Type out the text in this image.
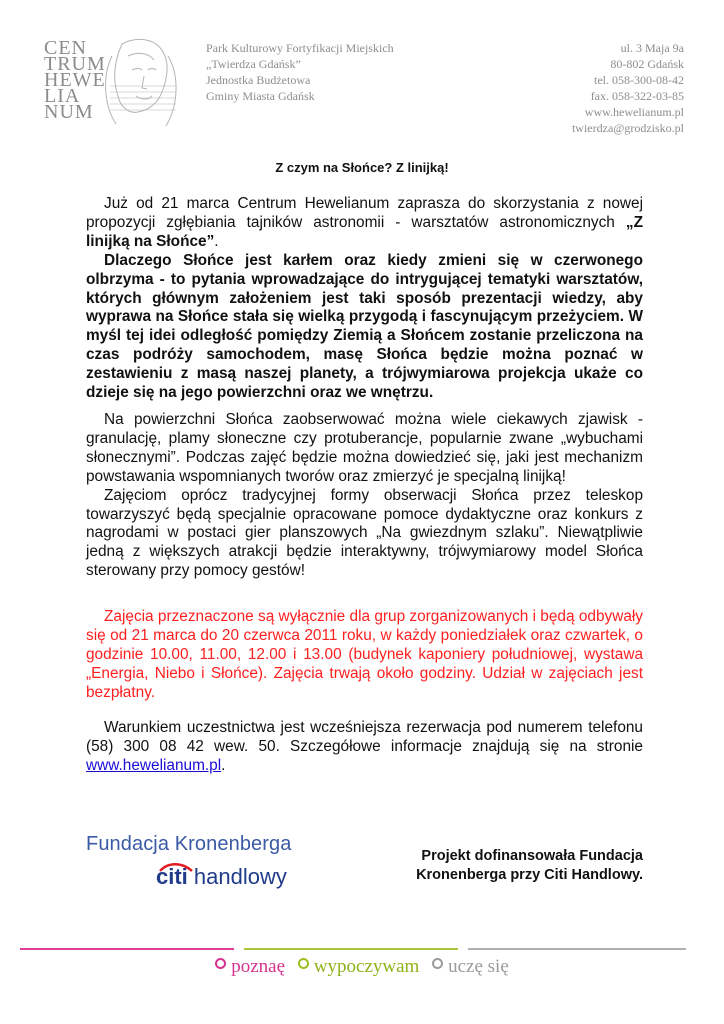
CEN
TRUM
HEWE
LIA
NUM
Park Kulturowy Fortyfikacji Miejskich
„Twierdza Gdańsk”
Jednostka Budżetowa
Gminy Miasta Gdańsk
ul. 3 Maja 9a
80-802 Gdańsk
tel. 058-300-08-42
fax. 058-322-03-85
www.hewelianum.pl
twierdza@grodzisko.pl
Z czym na Słońce? Z linijką!

Już od 21 marca Centrum Hewelianum zaprasza do skorzystania z nowej propozycji zgłębiania tajników astronomii - warsztatów astronomicznych „Z linijką na Słońce”.

Dlaczego Słońce jest karłem oraz kiedy zmieni się w czerwonego olbrzyma - to pytania wprowadzające do intrygującej tematyki warsztatów, których głównym założeniem jest taki sposób prezentacji wiedzy, aby wyprawa na Słońce stała się wielką przygodą i fascynującym przeżyciem. W myśl tej idei odległość pomiędzy Ziemią a Słońcem zostanie przeliczona na czas podróży samochodem, masę Słońca będzie można poznać w zestawieniu z masą naszej planety, a trójwymiarowa projekcja ukaże co dzieje się na jego powierzchni oraz we wnętrzu.

Na powierzchni Słońca zaobserwować można wiele ciekawych zjawisk - granulację, plamy słoneczne czy protuberancje, popularnie zwane „wybuchami słonecznymi”. Podczas zajęć będzie można dowiedzieć się, jaki jest mechanizm powstawania wspomnianych tworów oraz zmierzyć je specjalną linijką!

Zajęciom oprócz tradycyjnej formy obserwacji Słońca przez teleskop towarzyszyć będą specjalnie opracowane pomoce dydaktyczne oraz konkurs z nagrodami w postaci gier planszowych „Na gwiezdnym szlaku”. Niewątpliwie jedną z większych atrakcji będzie interaktywny, trójwymiarowy model Słońca sterowany przy pomocy gestów!

Zajęcia przeznaczone są wyłącznie dla grup zorganizowanych i będą odbywały się od 21 marca do 20 czerwca 2011 roku, w każdy poniedziałek oraz czwartek, o godzinie 10.00, 11.00, 12.00 i 13.00 (budynek kaponiery południowej, wystawa „Energia, Niebo i Słońce). Zajęcia trwają około godziny. Udział w zajęciach jest bezpłatny.

Warunkiem uczestnictwa jest wcześniejsza rezerwacja pod numerem telefonu (58) 300 08 42 wew. 50. Szczegółowe informacje znajdują się na stronie www.hewelianum.pl.

Fundacja Kronenberga
citi handlowy
Projekt dofinansowała Fundacja
Kronenberga przy Citi Handlowy.
poznaę wypoczywam uczę się
